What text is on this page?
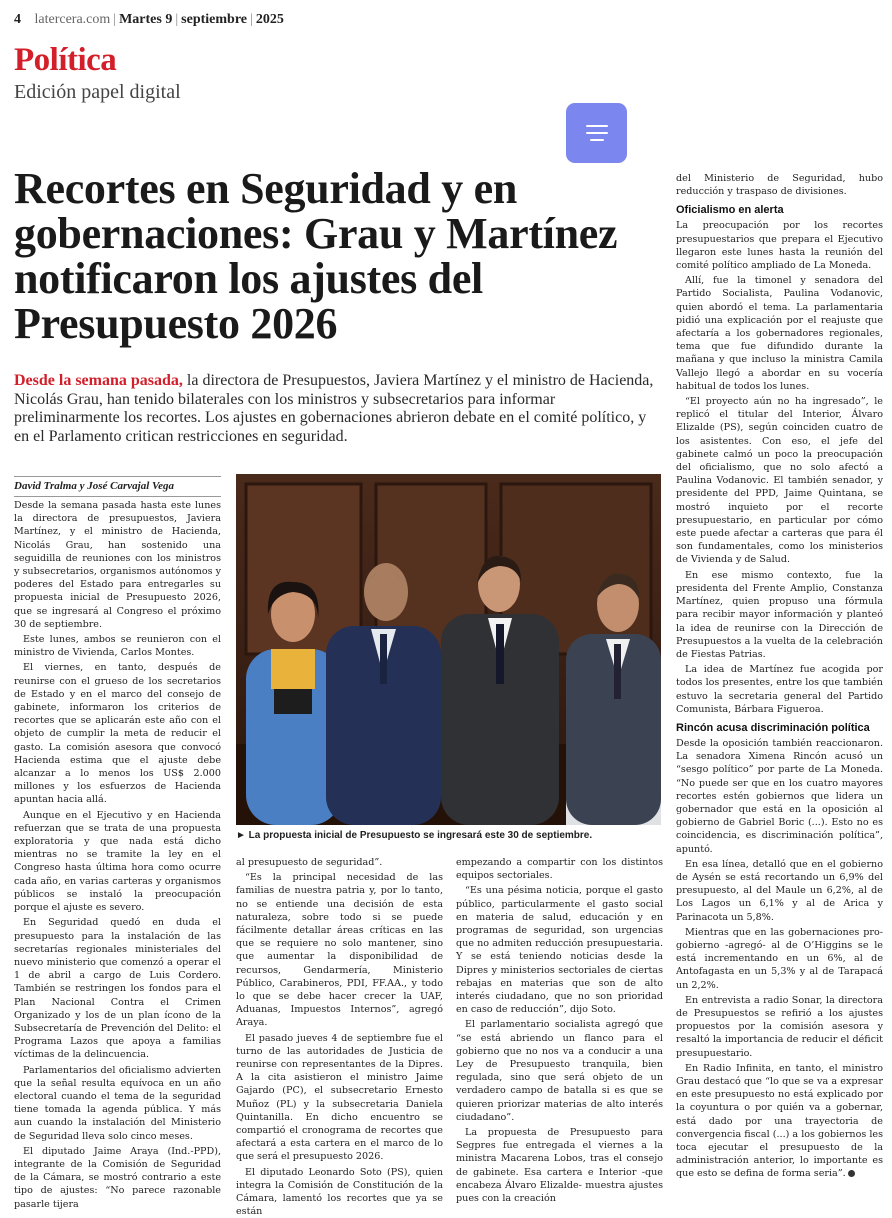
4 latercera.com | Martes 9 | septiembre | 2025
Política
Edición papel digital
Recortes en Seguridad y en gobernaciones: Grau y Martínez notificaron los ajustes del Presupuesto 2026
Desde la semana pasada, la directora de Presupuestos, Javiera Martínez y el ministro de Hacienda, Nicolás Grau, han tenido bilaterales con los ministros y subsecretarios para informar preliminarmente los recortes. Los ajustes en gobernaciones abrieron debate en el comité político, y en el Parlamento critican restricciones en seguridad.
David Tralma y José Carvajal Vega
► La propuesta inicial de Presupuesto se ingresará este 30 de septiembre.

Desde la semana pasada hasta este lunes la directora de presupuestos, Javiera Martínez, y el ministro de Hacienda, Nicolás Grau, han sostenido una seguidilla de reuniones con los ministros y subsecretarios, organismos autónomos y poderes del Estado para entregarles su propuesta inicial de Presupuesto 2026, que se ingresará al Congreso el próximo 30 de septiembre.

Este lunes, ambos se reunieron con el ministro de Vivienda, Carlos Montes.

El viernes, en tanto, después de reunirse con el grueso de los secretarios de Estado y en el marco del consejo de gabinete, informaron los criterios de recortes que se aplicarán este año con el objeto de cumplir la meta de reducir el gasto. La comisión asesora que convocó Hacienda estima que el ajuste debe alcanzar a lo menos los US$ 2.000 millones y los esfuerzos de Hacienda apuntan hacia allá.

Aunque en el Ejecutivo y en Hacienda refuerzan que se trata de una propuesta exploratoria y que nada está dicho mientras no se tramite la ley en el Congreso hasta última hora como ocurre cada año, en varias carteras y organismos públicos se instaló la preocupación porque el ajuste es severo.

En Seguridad quedó en duda el presupuesto para la instalación de las secretarías regionales ministeriales del nuevo ministerio que comenzó a operar el 1 de abril a cargo de Luis Cordero. También se restringen los fondos para el Plan Nacional Contra el Crimen Organizado y los de un plan ícono de la Subsecretaría de Prevención del Delito: el Programa Lazos que apoya a familias víctimas de la delincuencia.

Parlamentarios del oficialismo advierten que la señal resulta equívoca en un año electoral cuando el tema de la seguridad tiene tomada la agenda pública. Y más aun cuando la instalación del Ministerio de Seguridad lleva solo cinco meses.

El diputado Jaime Araya (Ind.-PPD), integrante de la Comisión de Seguridad de la Cámara, se mostró contrario a este tipo de ajustes: “No parece razonable pasarle tijera

al presupuesto de seguridad”.

“Es la principal necesidad de las familias de nuestra patria y, por lo tanto, no se entiende una decisión de esta naturaleza, sobre todo si se puede fácilmente detallar áreas críticas en las que se requiere no solo mantener, sino que aumentar la disponibilidad de recursos, Gendarmería, Ministerio Público, Carabineros, PDI, FF.AA., y todo lo que se debe hacer crecer la UAF, Aduanas, Impuestos Internos”, agregó Araya.

El pasado jueves 4 de septiembre fue el turno de las autoridades de Justicia de reunirse con representantes de la Dipres. A la cita asistieron el ministro Jaime Gajardo (PC), el subsecretario Ernesto Muñoz (PL) y la subsecretaria Daniela Quintanilla. En dicho encuentro se compartió el cronograma de recortes que afectará a esta cartera en el marco de lo que será el presupuesto 2026.

El diputado Leonardo Soto (PS), quien integra la Comisión de Constitución de la Cámara, lamentó los recortes que ya se están

empezando a compartir con los distintos equipos sectoriales.

“Es una pésima noticia, porque el gasto público, particularmente el gasto social en materia de salud, educación y en programas de seguridad, son urgencias que no admiten reducción presupuestaria. Y se está teniendo noticias desde la Dipres y ministerios sectoriales de ciertas rebajas en materias que son de alto interés ciudadano, que no son prioridad en caso de reducción”, dijo Soto.

El parlamentario socialista agregó que “se está abriendo un flanco para el gobierno que no nos va a conducir a una Ley de Presupuesto tranquila, bien regulada, sino que será objeto de un verdadero campo de batalla si es que se quieren priorizar materias de alto interés ciudadano”.

La propuesta de Presupuesto para Segpres fue entregada el viernes a la ministra Macarena Lobos, tras el consejo de gabinete. Esa cartera e Interior -que encabeza Álvaro Elizalde- muestra ajustes pues con la creación

del Ministerio de Seguridad, hubo reducción y traspaso de divisiones.

Oficialismo en alerta

La preocupación por los recortes presupuestarios que prepara el Ejecutivo llegaron este lunes hasta la reunión del comité político ampliado de La Moneda.

Allí, fue la timonel y senadora del Partido Socialista, Paulina Vodanovic, quien abordó el tema. La parlamentaria pidió una explicación por el reajuste que afectaría a los gobernadores regionales, tema que fue difundido durante la mañana y que incluso la ministra Camila Vallejo llegó a abordar en su vocería habitual de todos los lunes.

“El proyecto aún no ha ingresado”, le replicó el titular del Interior, Álvaro Elizalde (PS), según coinciden cuatro de los asistentes. Con eso, el jefe del gabinete calmó un poco la preocupación del oficialismo, que no solo afectó a Paulina Vodanovic. El también senador, y presidente del PPD, Jaime Quintana, se mostró inquieto por el recorte presupuestario, en particular por cómo este puede afectar a carteras que para él son fundamentales, como los ministerios de Vivienda y de Salud.

En ese mismo contexto, fue la presidenta del Frente Amplio, Constanza Martínez, quien propuso una fórmula para recibir mayor información y planteó la idea de reunirse con la Dirección de Presupuestos a la vuelta de la celebración de Fiestas Patrias.

La idea de Martínez fue acogida por todos los presentes, entre los que también estuvo la secretaria general del Partido Comunista, Bárbara Figueroa.

Rincón acusa discriminación política

Desde la oposición también reaccionaron. La senadora Ximena Rincón acusó un “sesgo político” por parte de La Moneda. “No puede ser que en los cuatro mayores recortes estén gobiernos que lidera un gobernador que está en la oposición al gobierno de Gabriel Boric (...). Esto no es coincidencia, es discriminación política”, apuntó.

En esa línea, detalló que en el gobierno de Aysén se está recortando un 6,9% del presupuesto, al del Maule un 6,2%, al de Los Lagos un 6,1% y al de Arica y Parinacota un 5,8%.

Mientras que en las gobernaciones pro-gobierno -agregó- al de O’Higgins se le está incrementando en un 6%, al de Antofagasta en un 5,3% y al de Tarapacá un 2,2%.

En entrevista a radio Sonar, la directora de Presupuestos se refirió a los ajustes propuestos por la comisión asesora y resaltó la importancia de reducir el déficit presupuestario.

En Radio Infinita, en tanto, el ministro Grau destacó que “lo que se va a expresar en este presupuesto no está explicado por la coyuntura o por quién va a gobernar, está dado por una trayectoria de convergencia fiscal (...) a los gobiernos les toca ejecutar el presupuesto de la administración anterior, lo importante es que esto se defina de forma seria”.
